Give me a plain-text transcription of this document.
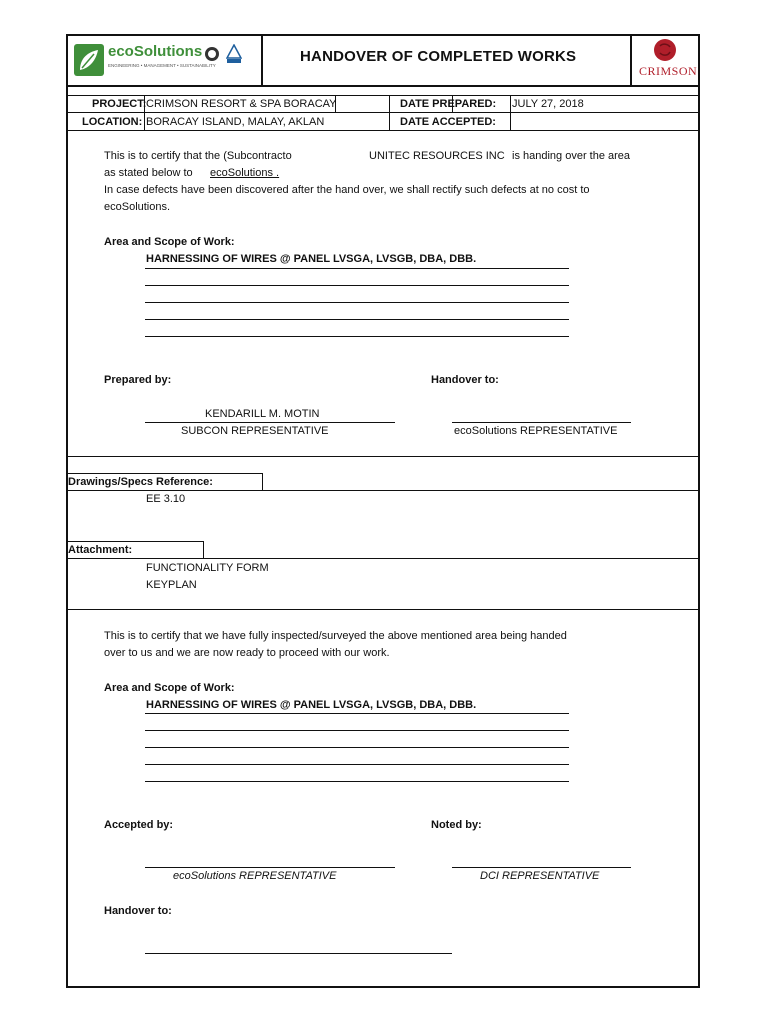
ecoSolutions
ENGINEERING • MANAGEMENT • SUSTAINABILITY
HANDOVER OF COMPLETED WORKS
CRIMSON
PROJECT: CRIMSON RESORT & SPA BORACAY	DATE PREPARED: JULY 27, 2018
LOCATION: BORACAY ISLAND, MALAY, AKLAN	DATE ACCEPTED:
This is to certify that the (Subcontracto	UNITEC RESOURCES INC is handing over the area
as stated below to ecoSolutions .
In case defects have been discovered after the hand over, we shall rectify such defects at no cost to
ecoSolutions.
Area and Scope of Work:
HARNESSING OF WIRES @ PANEL LVSGA, LVSGB, DBA, DBB.
Prepared by:	Handover to:
KENDARILL M. MOTIN
SUBCON REPRESENTATIVE	ecoSolutions REPRESENTATIVE
Drawings/Specs Reference:
EE 3.10
Attachment:
FUNCTIONALITY FORM
KEYPLAN
This is to certify that we have fully inspected/surveyed the above mentioned area being handed
over to us and we are now ready to proceed with our work.
Area and Scope of Work:
HARNESSING OF WIRES @ PANEL LVSGA, LVSGB, DBA, DBB.
Accepted by:	Noted by:
ecoSolutions REPRESENTATIVE	DCI REPRESENTATIVE
Handover to:
